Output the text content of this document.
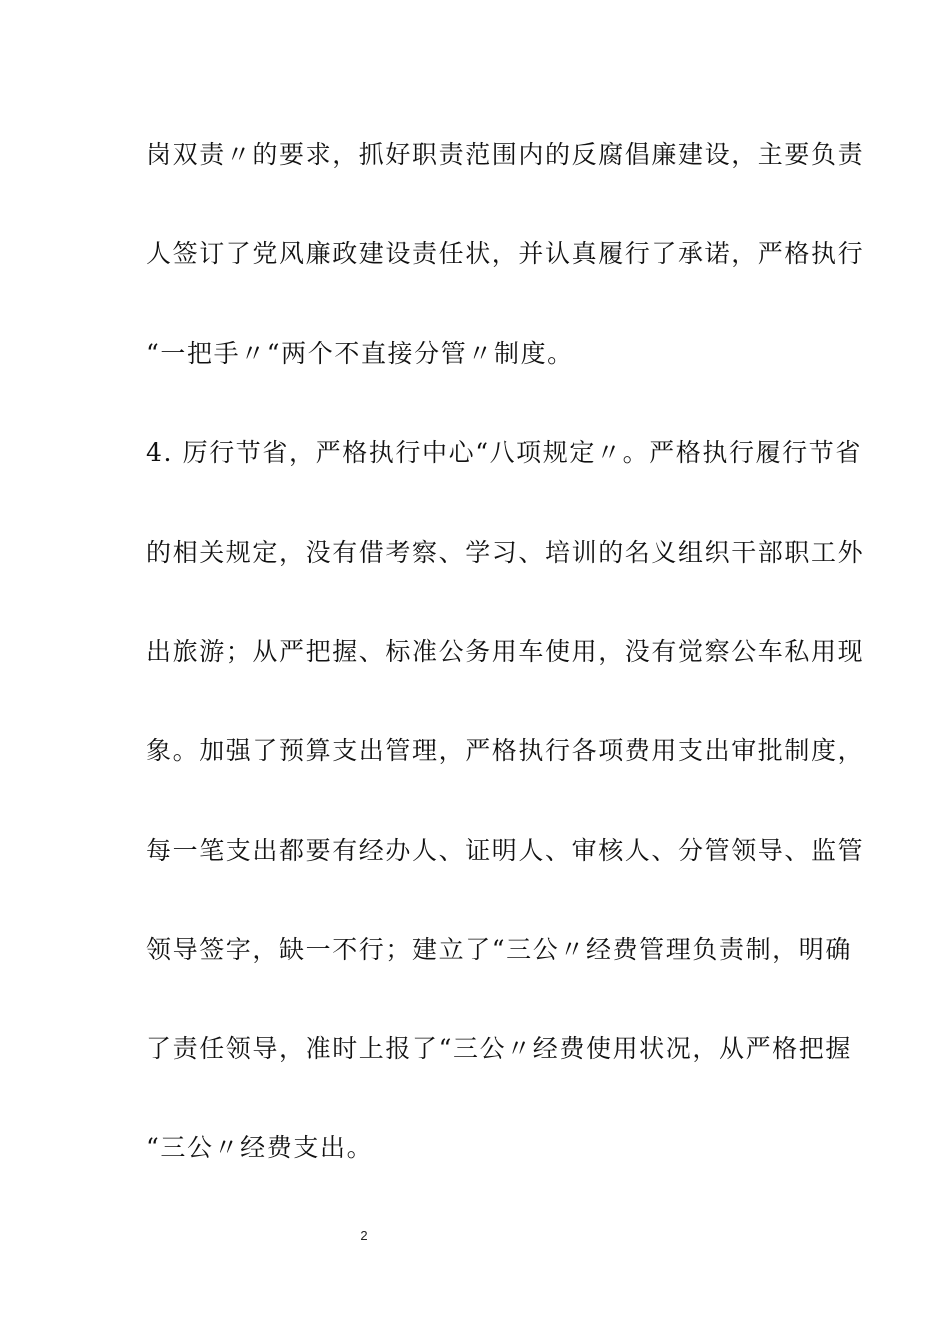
岗双责〃的要求，抓好职责范围内的反腐倡廉建设，主要负责
人签订了党风廉政建设责任状，并认真履行了承诺，严格执行
“一把手〃“两个不直接分管〃制度。
4. 厉行节省，严格执行中心“八项规定〃。严格执行履行节省
的相关规定，没有借考察、学习、培训的名义组织干部职工外
出旅游；从严把握、标准公务用车使用，没有觉察公车私用现
象。加强了预算支出管理，严格执行各项费用支出审批制度，
每一笔支出都要有经办人、证明人、审核人、分管领导、监管
领导签字，缺一不行；建立了“三公〃经费管理负责制，明确
了责任领导，准时上报了“三公〃经费使用状况，从严格把握
“三公〃经费支出。
2
